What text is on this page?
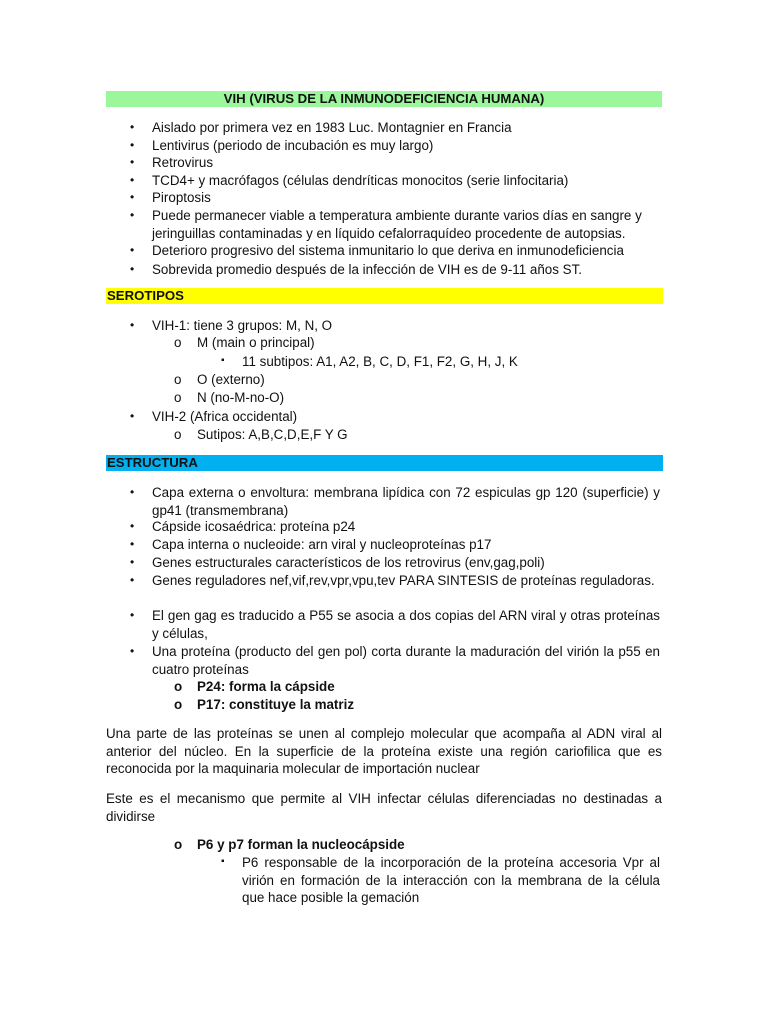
VIH (VIRUS DE LA INMUNODEFICIENCIA HUMANA)
• Aislado por primera vez en 1983 Luc. Montagnier en Francia
• Lentivirus (periodo de incubación es muy largo)
• Retrovirus
• TCD4+ y macrófagos (células dendríticas monocitos (serie linfocitaria)
• Piroptosis
• Puede permanecer viable a temperatura ambiente durante varios días en sangre y jeringuillas contaminadas y en líquido cefalorraquídeo procedente de autopsias.
• Deterioro progresivo del sistema inmunitario lo que deriva en inmunodeficiencia
• Sobrevida promedio después de la infección de VIH es de 9-11 años ST.
SEROTIPOS
• VIH-1: tiene 3 grupos: M, N, O
o M (main o principal)
▪ 11 subtipos: A1, A2, B, C, D, F1, F2, G, H, J, K
o O (externo)
o N (no-M-no-O)
• VIH-2 (Africa occidental)
o Sutipos: A,B,C,D,E,F Y G
ESTRUCTURA
• Capa externa o envoltura: membrana lipídica con 72 espiculas gp 120 (superficie) y gp41 (transmembrana)
• Cápside icosaédrica: proteína p24
• Capa interna o nucleoide: arn viral y nucleoproteínas p17
• Genes estructurales característicos de los retrovirus (env,gag,poli)
• Genes reguladores nef,vif,rev,vpr,vpu,tev PARA SINTESIS de proteínas reguladoras.
• El gen gag es traducido a P55 se asocia a dos copias del ARN viral y otras proteínas y células,
• Una proteína (producto del gen pol) corta durante la maduración del virión la p55 en cuatro proteínas
o P24: forma la cápside
o P17: constituye la matriz

Una parte de las proteínas se unen al complejo molecular que acompaña al ADN viral al anterior del núcleo. En la superficie de la proteína existe una región cariofilica que es reconocida por la maquinaria molecular de importación nuclear

Este es el mecanismo que permite al VIH infectar células diferenciadas no destinadas a dividirse

o P6 y p7 forman la nucleocápside
▪ P6 responsable de la incorporación de la proteína accesoria Vpr al virión en formación de la interacción con la membrana de la célula que hace posible la gemación
